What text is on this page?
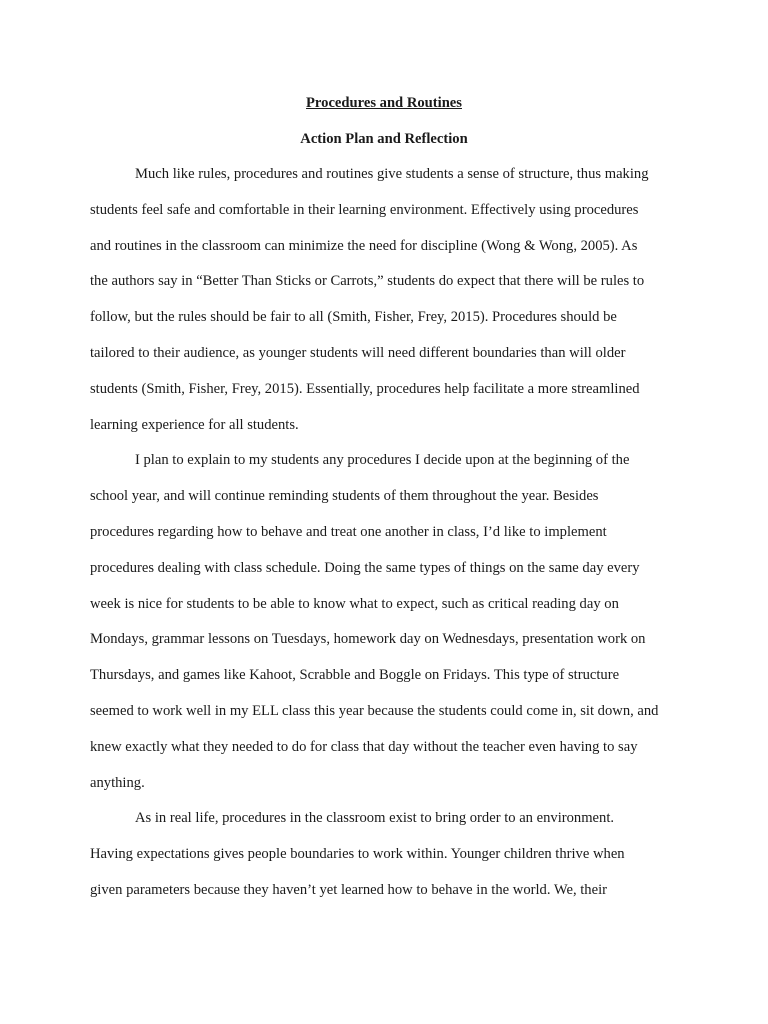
Procedures and Routines
Action Plan and Reflection
Much like rules, procedures and routines give students a sense of structure, thus making
students feel safe and comfortable in their learning environment. Effectively using procedures
and routines in the classroom can minimize the need for discipline (Wong & Wong, 2005). As
the authors say in “Better Than Sticks or Carrots,” students do expect that there will be rules to
follow, but the rules should be fair to all (Smith, Fisher, Frey, 2015). Procedures should be
tailored to their audience, as younger students will need different boundaries than will older
students (Smith, Fisher, Frey, 2015). Essentially, procedures help facilitate a more streamlined
learning experience for all students.
I plan to explain to my students any procedures I decide upon at the beginning of the
school year, and will continue reminding students of them throughout the year. Besides
procedures regarding how to behave and treat one another in class, I’d like to implement
procedures dealing with class schedule. Doing the same types of things on the same day every
week is nice for students to be able to know what to expect, such as critical reading day on
Mondays, grammar lessons on Tuesdays, homework day on Wednesdays, presentation work on
Thursdays, and games like Kahoot, Scrabble and Boggle on Fridays. This type of structure
seemed to work well in my ELL class this year because the students could come in, sit down, and
knew exactly what they needed to do for class that day without the teacher even having to say
anything.
As in real life, procedures in the classroom exist to bring order to an environment.
Having expectations gives people boundaries to work within. Younger children thrive when
given parameters because they haven’t yet learned how to behave in the world. We, their
